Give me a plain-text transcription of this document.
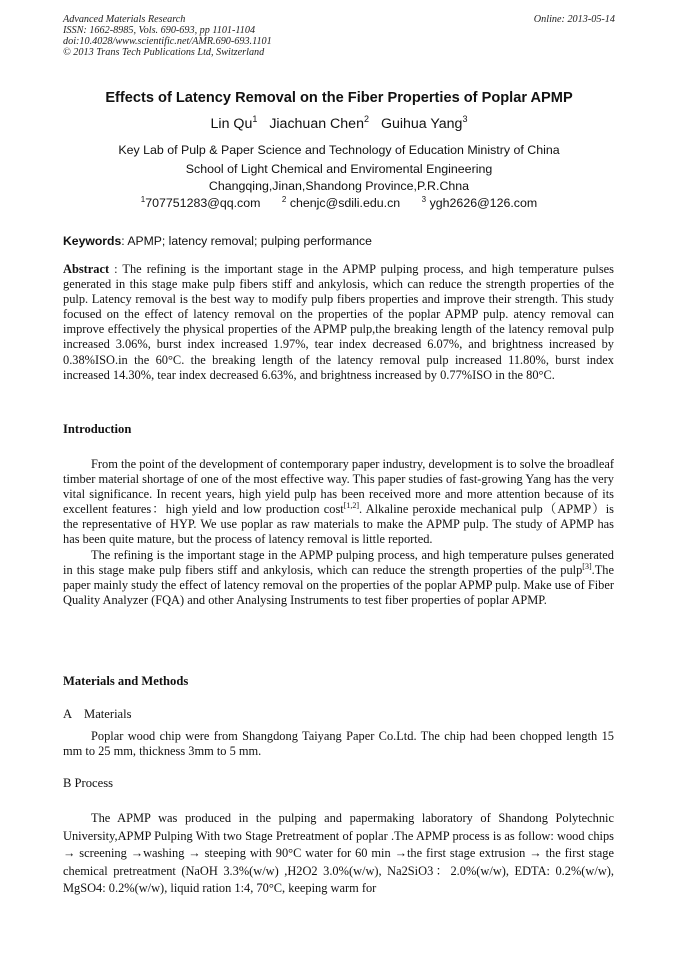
Advanced Materials Research
ISSN: 1662-8985, Vols. 690-693, pp 1101-1104
doi:10.4028/www.scientific.net/AMR.690-693.1101
© 2013 Trans Tech Publications Ltd, Switzerland
Online: 2013-05-14
Effects of Latency Removal on the Fiber Properties of Poplar APMP
Lin Qu$^1$ Jiachuan Chen$^2$ Guihua Yang$^3$
Key Lab of Pulp & Paper Science and Technology of Education Ministry of China
School of Light Chemical and Enviromental Engineering
Changqing,Jinan,Shandong Province,P.R.Chna
$^1$707751283@qq.com	$^2$ chenjc@sdili.edu.cn	$^3$ ygh2626@126.com
Keywords: APMP; latency removal; pulping performance

Abstract : The refining is the important stage in the APMP pulping process, and high temperature pulses generated in this stage make pulp fibers stiff and ankylosis, which can reduce the strength properties of the pulp. Latency removal is the best way to modify pulp fibers properties and improve their strength. This study focused on the effect of latency removal on the properties of the poplar APMP pulp. atency removal can improve effectively the physical properties of the APMP pulp,the breaking length of the latency removal pulp increased 3.06%, burst index increased 1.97%, tear index decreased 6.07%, and brightness increased by 0.38%ISO.in the 60°C. the breaking length of the latency removal pulp increased 11.80%, burst index increased 14.30%, tear index decreased 6.63%, and brightness increased by 0.77%ISO in the 80°C.

Introduction

From the point of the development of contemporary paper industry, development is to solve the broadleaf timber material shortage of one of the most effective way. This paper studies of fast-growing Yang has the very vital significance. In recent years, high yield pulp has been received more and more attention because of its excellent features：high yield and low production cost[1,2]. Alkaline peroxide mechanical pulp（APMP）is the representative of HYP. We use poplar as raw materials to make the APMP pulp. The study of APMP has has been quite mature, but the process of latency removal is little reported.

The refining is the important stage in the APMP pulping process, and high temperature pulses generated in this stage make pulp fibers stiff and ankylosis, which can reduce the strength properties of the pulp[3].The paper mainly study the effect of latency removal on the properties of the poplar APMP pulp. Make use of Fiber Quality Analyzer (FQA) and other Analysing Instruments to test fiber properties of poplar APMP.

Materials and Methods
A    Materials

Poplar wood chip were from Shangdong Taiyang Paper Co.Ltd. The chip had been chopped length 15 mm to 25 mm, thickness 3mm to 5 mm.

B Process

The APMP was produced in the pulping and papermaking laboratory of Shandong Polytechnic University,APMP Pulping With two Stage Pretreatment of poplar .The APMP process is as follow: wood chips → screening →washing → steeping with 90°C water for 60 min →the first stage extrusion → the first stage chemical pretreatment (NaOH 3.3%(w/w) ,H2O2 3.0%(w/w), Na2SiO3：2.0%(w/w), EDTA: 0.2%(w/w), MgSO4: 0.2%(w/w), liquid ration 1:4, 70°C, keeping warm for
